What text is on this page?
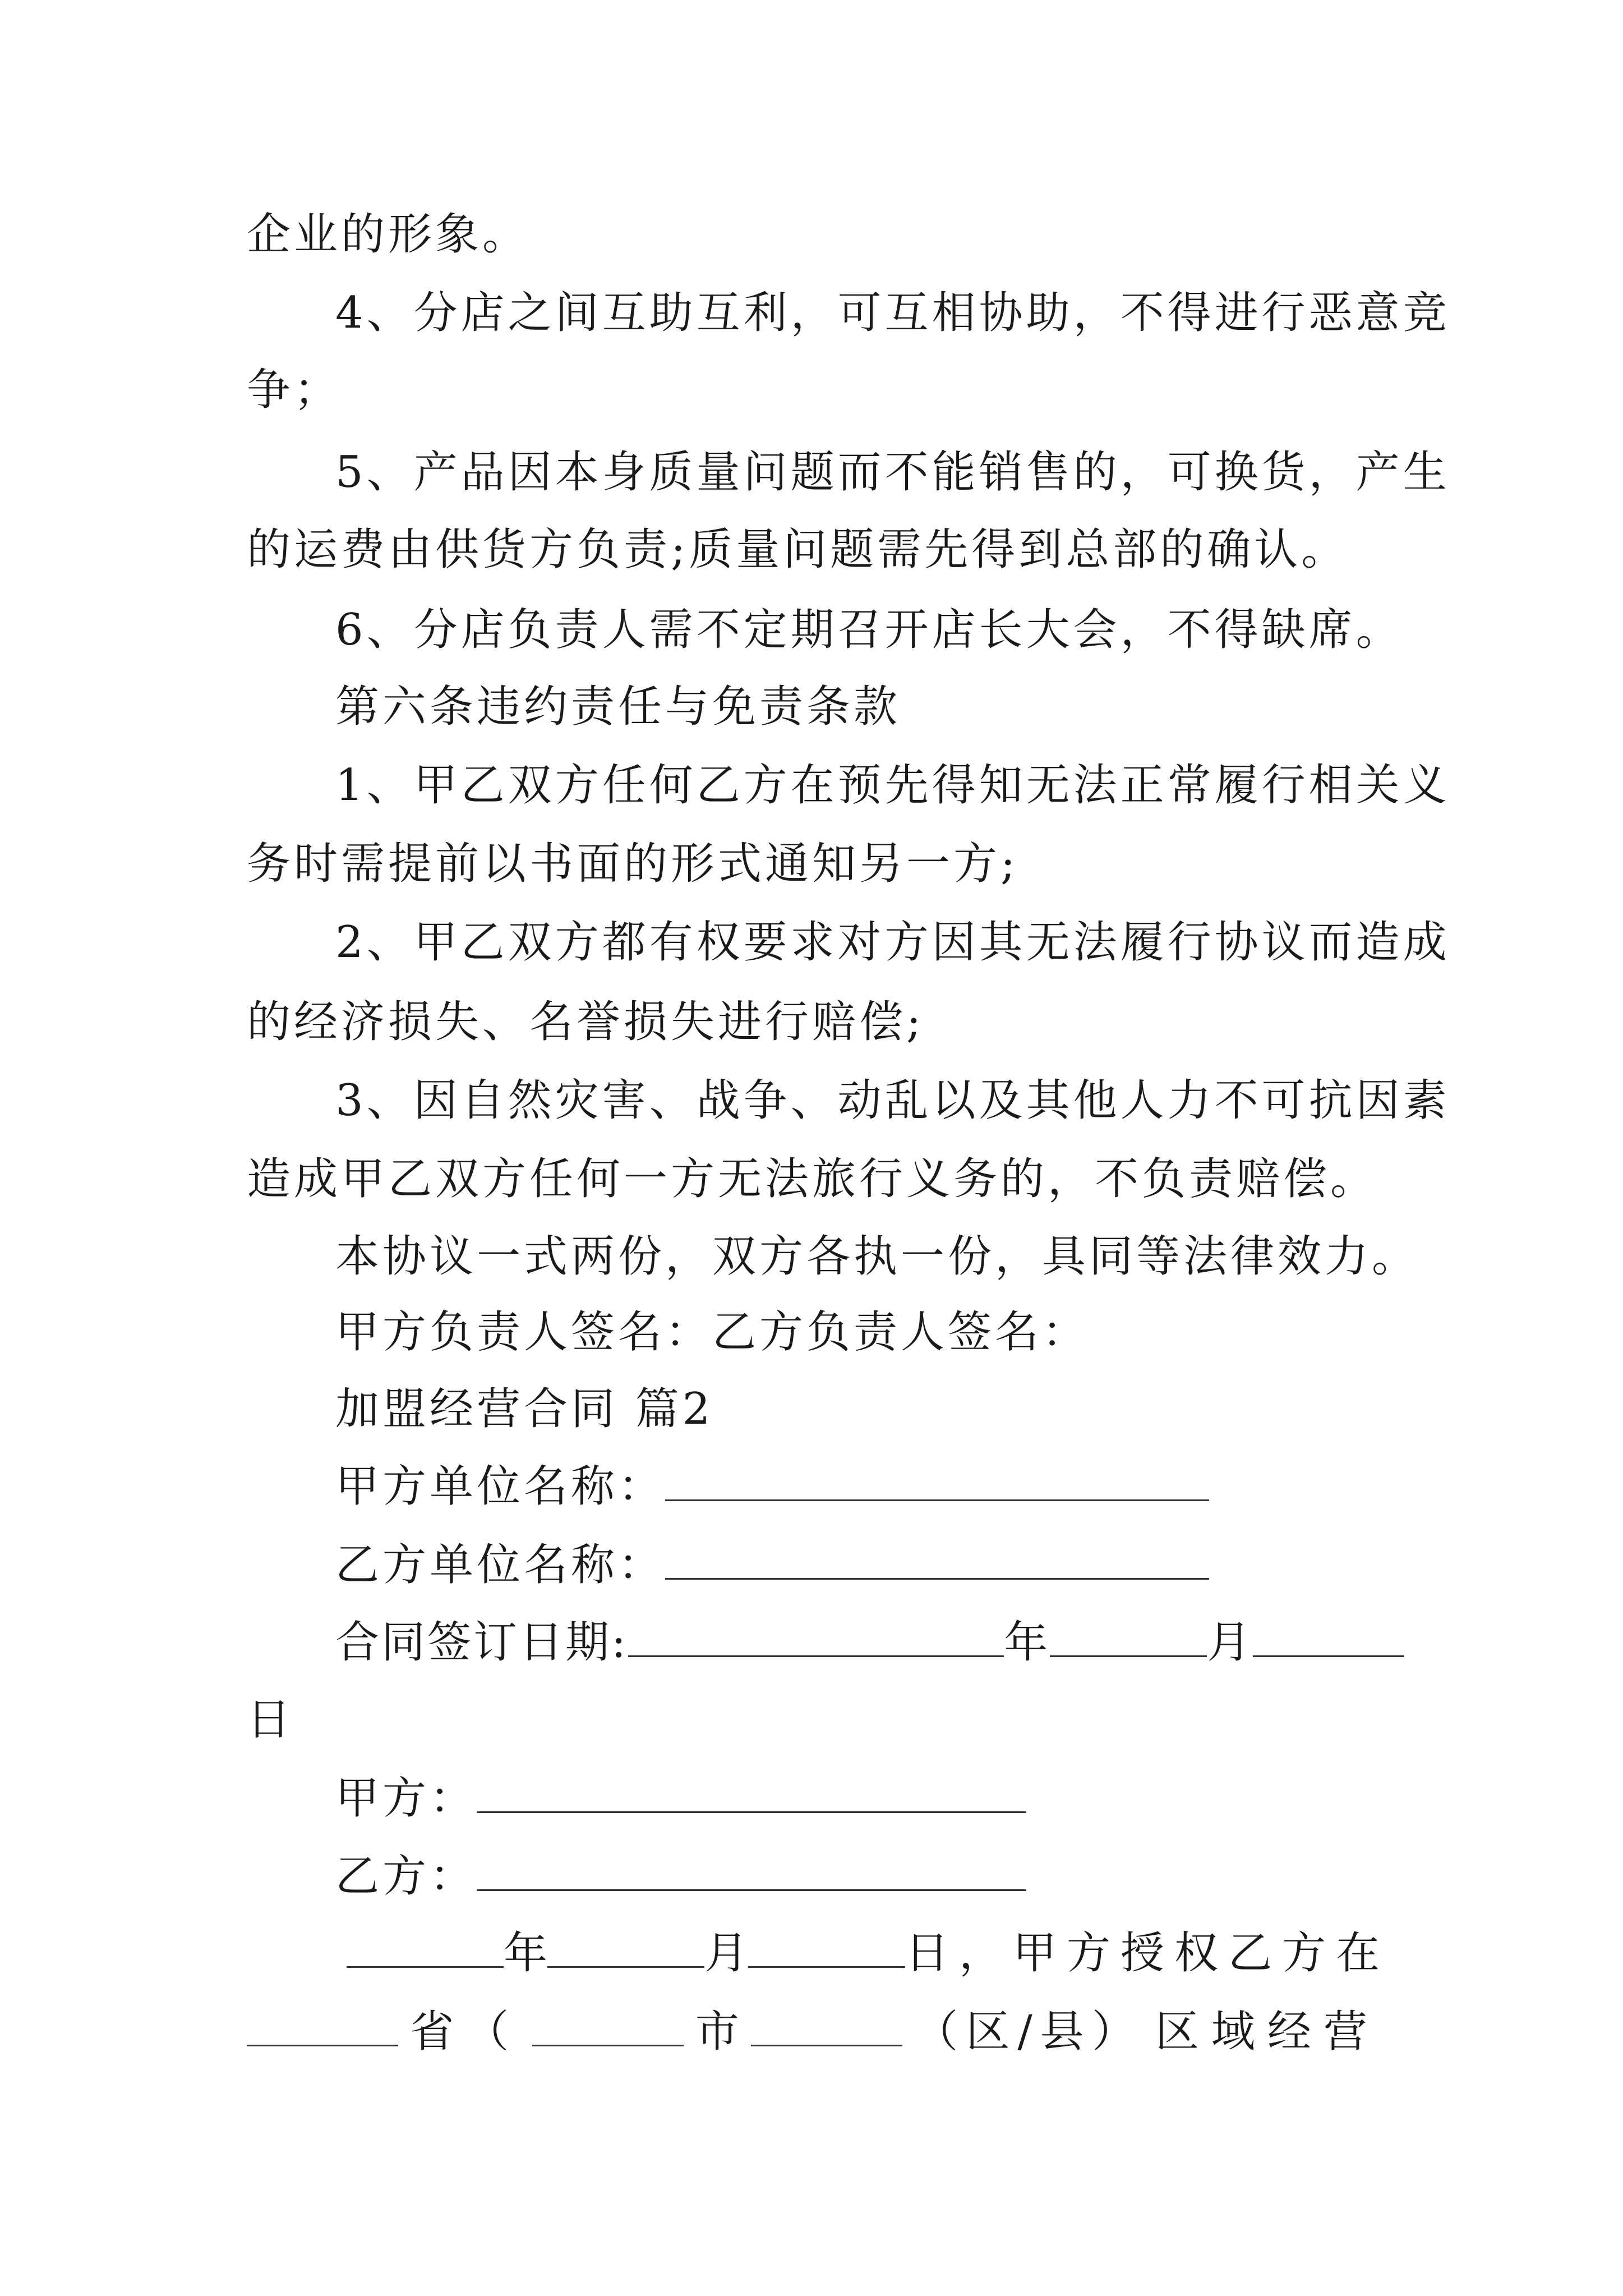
企业的形象。
4、分店之间互助互利，可互相协助，不得进行恶意竞
争；
5、产品因本身质量问题而不能销售的，可换货，产生
的运费由供货方负责;质量问题需先得到总部的确认。
6、分店负责人需不定期召开店长大会，不得缺席。
第六条违约责任与免责条款
1、甲乙双方任何乙方在预先得知无法正常履行相关义
务时需提前以书面的形式通知另一方;
2、甲乙双方都有权要求对方因其无法履行协议而造成
的经济损失、名誉损失进行赔偿;
3、因自然灾害、战争、动乱以及其他人力不可抗因素
造成甲乙双方任何一方无法旅行义务的，不负责赔偿。
本协议一式两份，双方各执一份，具同等法律效力。
甲方负责人签名：乙方负责人签名：
加盟经营合同 篇2
甲方单位名称：
乙方单位名称：
合同签订日期:	年	月
日
甲方：
乙方：
年	月	日，甲方授权乙方在
省（	市	（区/县） 区域经营
